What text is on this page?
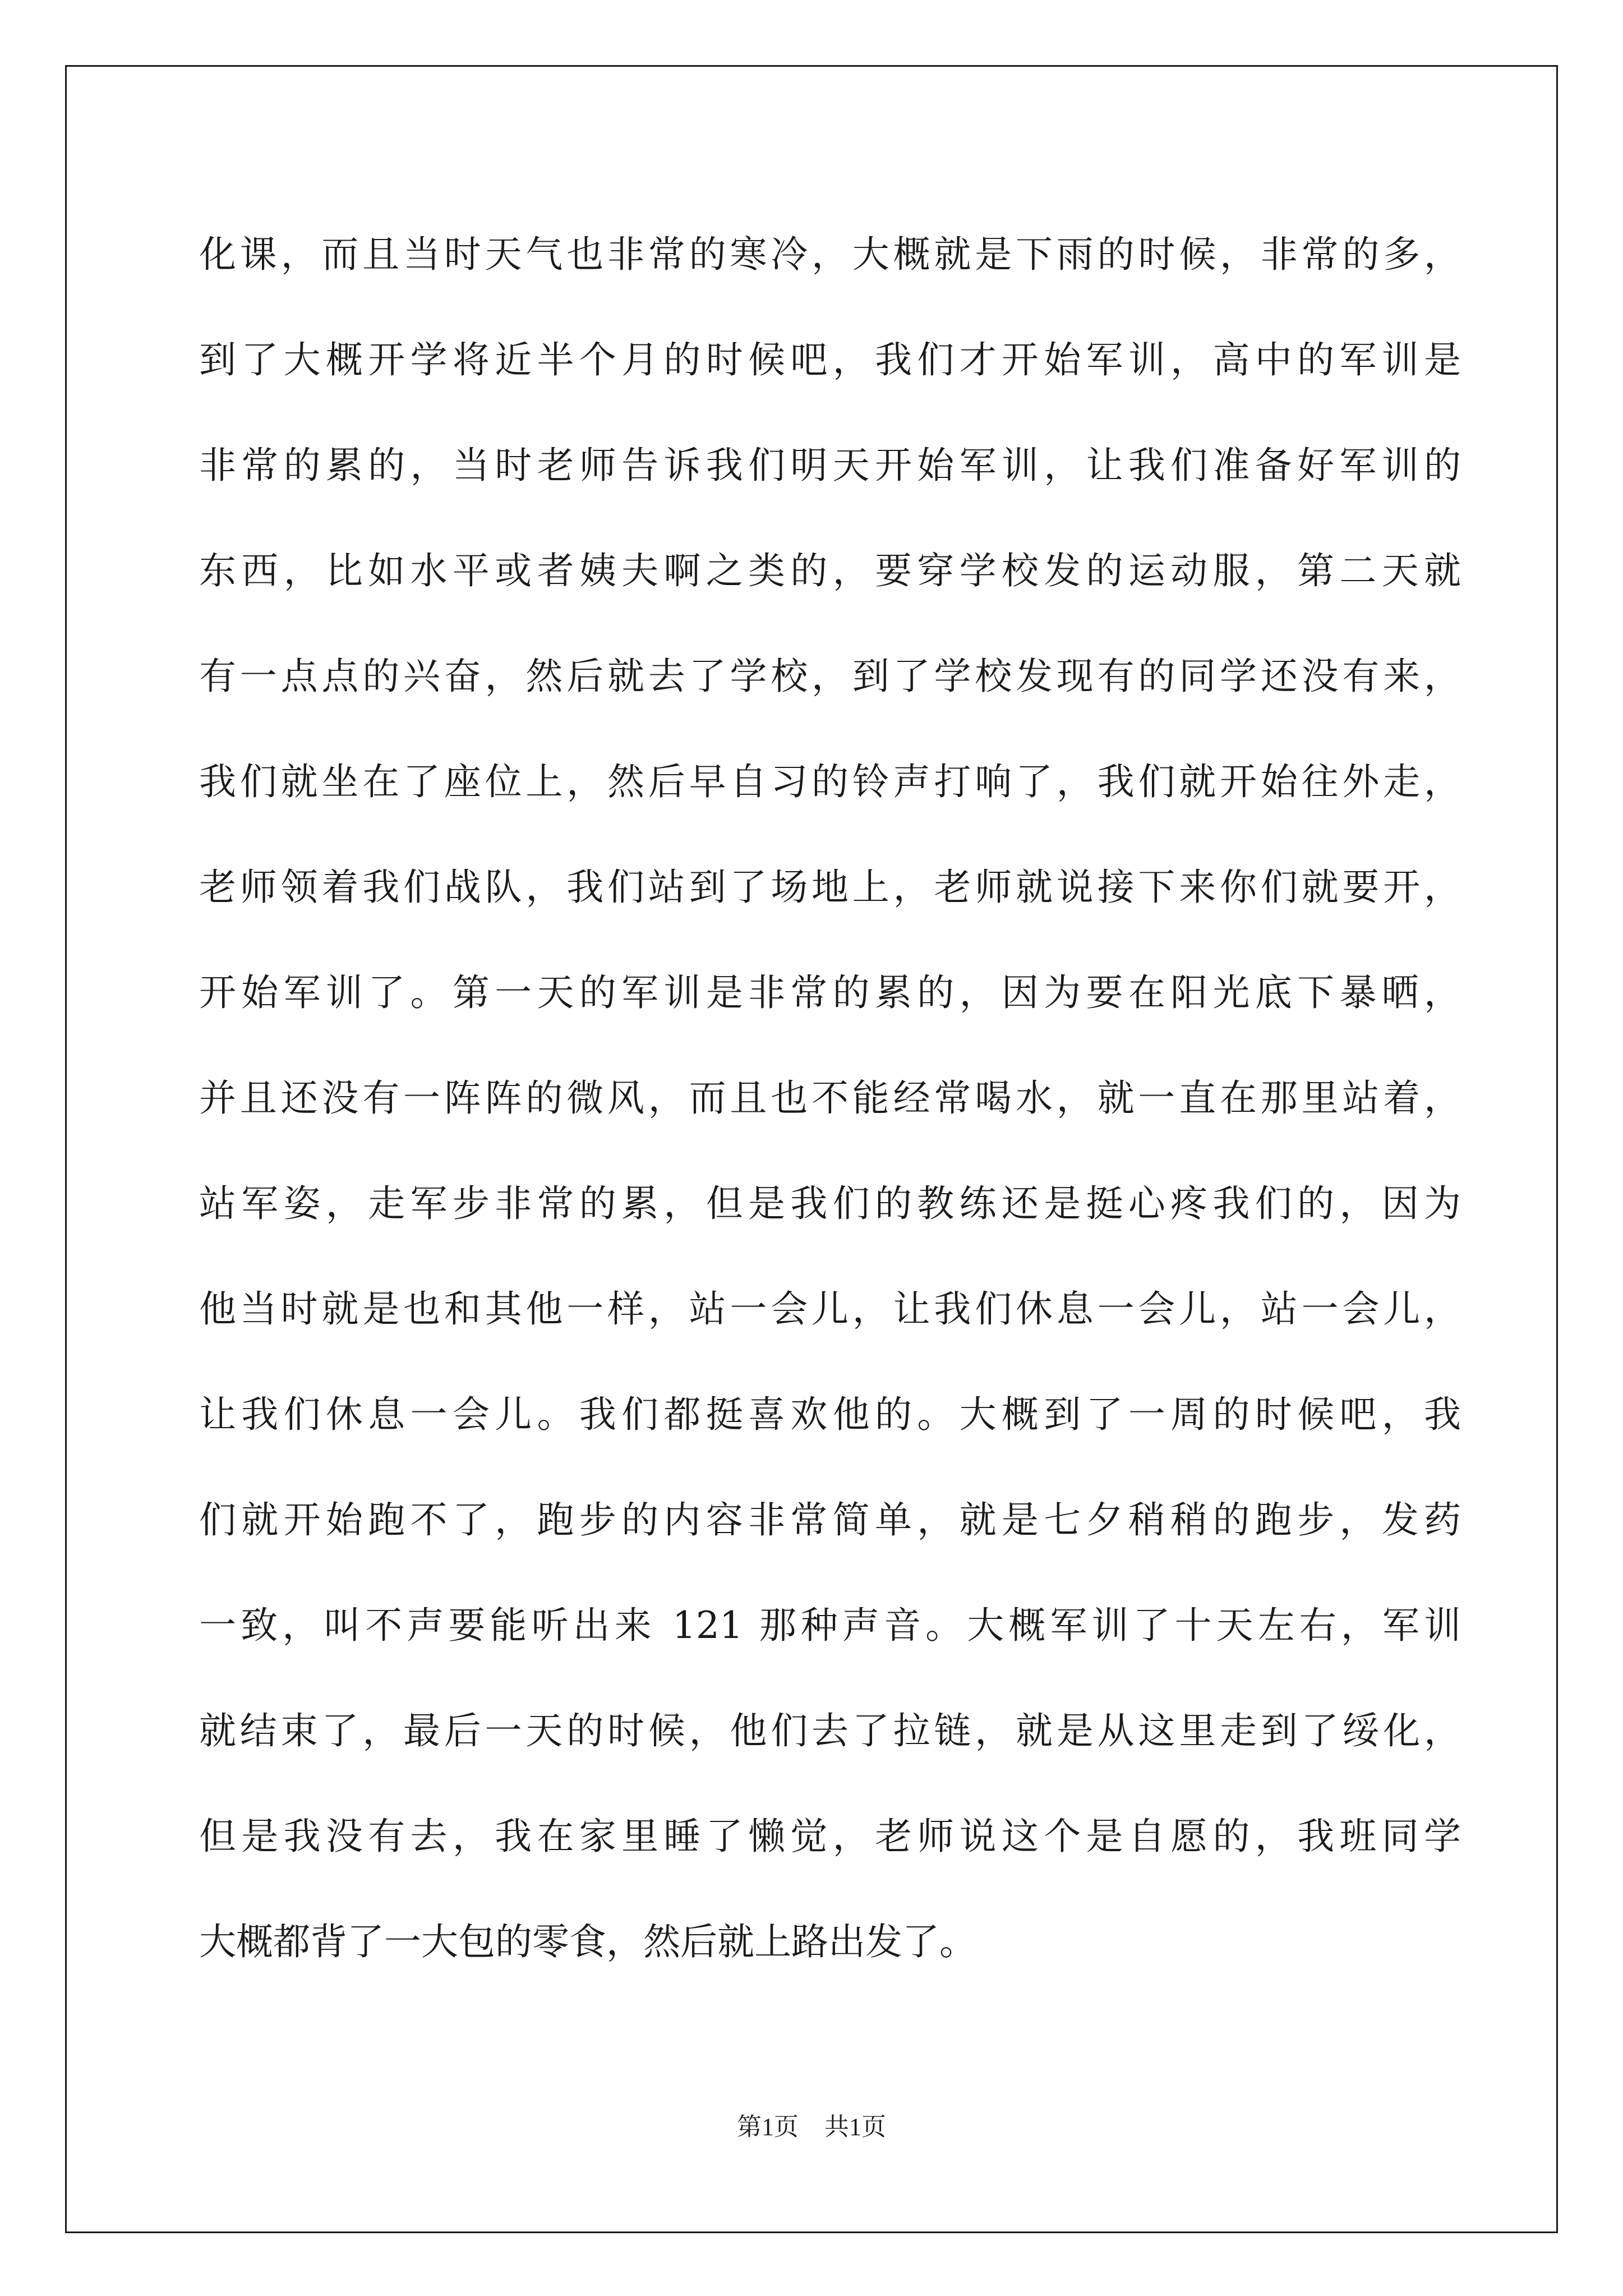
化课，而且当时天气也非常的寒冷，大概就是下雨的时候，非常的多，
到了大概开学将近半个月的时候吧，我们才开始军训，高中的军训是
非常的累的，当时老师告诉我们明天开始军训，让我们准备好军训的
东西，比如水平或者姨夫啊之类的，要穿学校发的运动服，第二天就
有一点点的兴奋，然后就去了学校，到了学校发现有的同学还没有来，
我们就坐在了座位上，然后早自习的铃声打响了，我们就开始往外走，
老师领着我们战队，我们站到了场地上，老师就说接下来你们就要开，
开始军训了。第一天的军训是非常的累的，因为要在阳光底下暴晒，
并且还没有一阵阵的微风，而且也不能经常喝水，就一直在那里站着，
站军姿，走军步非常的累，但是我们的教练还是挺心疼我们的，因为
他当时就是也和其他一样，站一会儿，让我们休息一会儿，站一会儿，
让我们休息一会儿。我们都挺喜欢他的。大概到了一周的时候吧，我
们就开始跑不了，跑步的内容非常简单，就是七夕稍稍的跑步，发药
一致，叫不声要能听出来 121 那种声音。大概军训了十天左右，军训
就结束了，最后一天的时候，他们去了拉链，就是从这里走到了绥化，
但是我没有去，我在家里睡了懒觉，老师说这个是自愿的，我班同学
大概都背了一大包的零食，然后就上路出发了。
第1页 共1页
